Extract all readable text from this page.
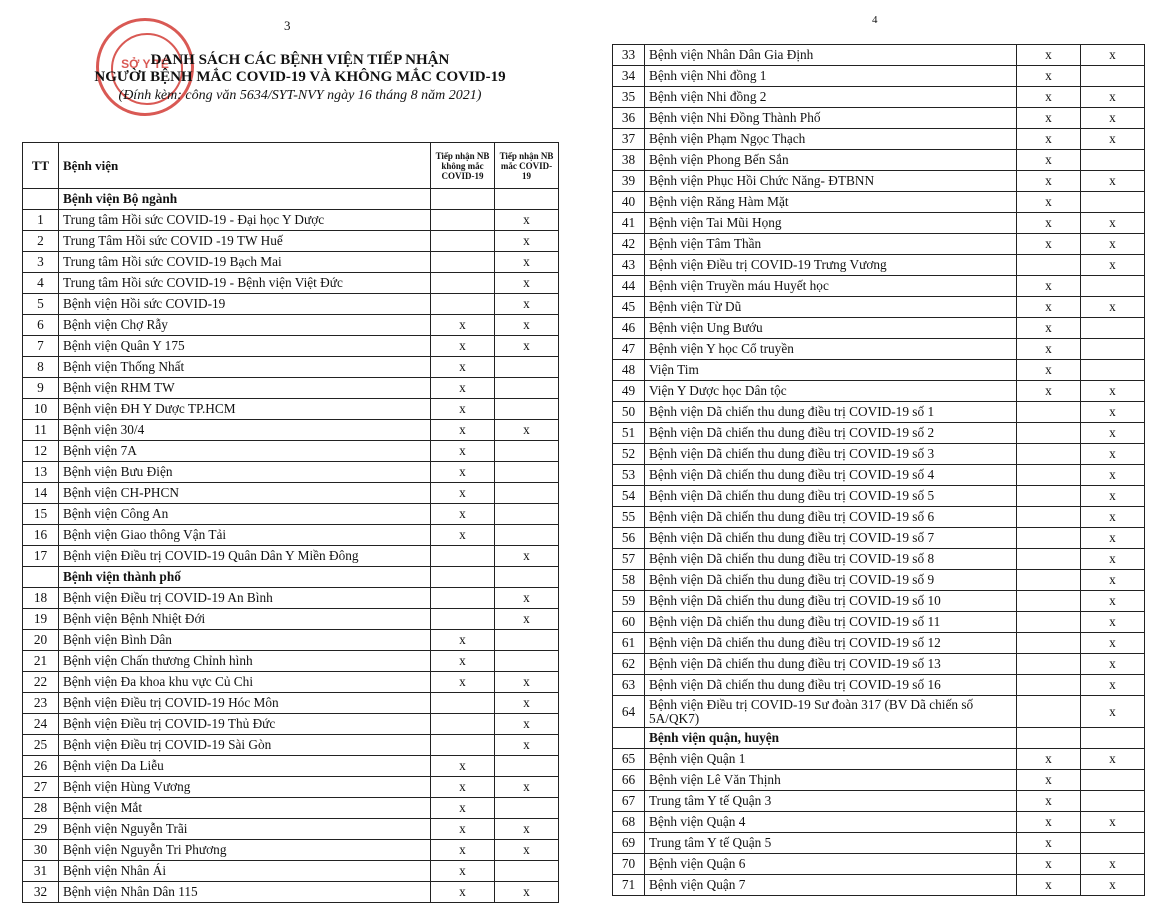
3	4
SỞ Y TẾ
DANH SÁCH CÁC BỆNH VIỆN TIẾP NHẬN
NGƯỜI BỆNH MẮC COVID-19 VÀ KHÔNG MẮC COVID-19
(Đính kèm: công văn 5634/SYT-NVY ngày 16 tháng 8 năm 2021)
TT	Bệnh viện	Tiếp nhận NB không mắc COVID-19	Tiếp nhận NB mắc COVID-19
	Bệnh viện Bộ ngành		
1	Trung tâm Hồi sức COVID-19 - Đại học Y Dược		x
2	Trung Tâm Hồi sức COVID -19 TW Huế		x
3	Trung tâm Hồi sức COVID-19 Bạch Mai		x
4	Trung tâm Hồi sức COVID-19 - Bệnh viện Việt Đức		x
5	Bệnh viện Hồi sức COVID-19		x
6	Bệnh viện Chợ Rẫy	x	x
7	Bệnh viện Quân Y 175	x	x
8	Bệnh viện Thống Nhất	x	
9	Bệnh viện RHM TW	x	
10	Bệnh viện ĐH Y Dược TP.HCM	x	
11	Bệnh viện 30/4	x	x
12	Bệnh viện 7A	x	
13	Bệnh viện Bưu Điện	x	
14	Bệnh viện CH-PHCN	x	
15	Bệnh viện Công An	x	
16	Bệnh viện Giao thông Vận Tải	x	
17	Bệnh viện Điều trị COVID-19 Quân Dân Y Miền Đông		x
	Bệnh viện thành phố		
18	Bệnh viện Điều trị COVID-19 An Bình		x
19	Bệnh viện Bệnh Nhiệt Đới		x
20	Bệnh viện Bình Dân	x	
21	Bệnh viện Chấn thương Chỉnh hình	x	
22	Bệnh viện Đa khoa khu vực Củ Chi	x	x
23	Bệnh viện Điều trị COVID-19 Hóc Môn		x
24	Bệnh viện Điều trị COVID-19 Thủ Đức		x
25	Bệnh viện Điều trị COVID-19 Sài Gòn		x
26	Bệnh viện Da Liễu	x	
27	Bệnh viện Hùng Vương	x	x
28	Bệnh viện Mắt	x	
29	Bệnh viện Nguyễn Trãi	x	x
30	Bệnh viện Nguyễn Tri Phương	x	x
31	Bệnh viện Nhân Ái	x	
32	Bệnh viện Nhân Dân 115	x	x
33	Bệnh viện Nhân Dân Gia Định	x	x
34	Bệnh viện Nhi đồng 1	x	
35	Bệnh viện Nhi đồng 2	x	x
36	Bệnh viện Nhi Đồng Thành Phố	x	x
37	Bệnh viện Phạm Ngọc Thạch	x	x
38	Bệnh viện Phong Bến Sắn	x	
39	Bệnh viện Phục Hồi Chức Năng- ĐTBNN	x	x
40	Bệnh viện Răng Hàm Mặt	x	
41	Bệnh viện Tai Mũi Họng	x	x
42	Bệnh viện Tâm Thần	x	x
43	Bệnh viện Điều trị COVID-19 Trưng Vương		x
44	Bệnh viện Truyền máu Huyết học	x	
45	Bệnh viện Từ Dũ	x	x
46	Bệnh viện Ung Bướu	x	
47	Bệnh viện Y học Cổ truyền	x	
48	Viện Tim	x	
49	Viện Y Dược học Dân tộc	x	x
50	Bệnh viện Dã chiến thu dung điều trị COVID-19 số 1		x
51	Bệnh viện Dã chiến thu dung điều trị COVID-19 số 2		x
52	Bệnh viện Dã chiến thu dung điều trị COVID-19 số 3		x
53	Bệnh viện Dã chiến thu dung điều trị COVID-19 số 4		x
54	Bệnh viện Dã chiến thu dung điều trị COVID-19 số 5		x
55	Bệnh viện Dã chiến thu dung điều trị COVID-19 số 6		x
56	Bệnh viện Dã chiến thu dung điều trị COVID-19 số 7		x
57	Bệnh viện Dã chiến thu dung điều trị COVID-19 số 8		x
58	Bệnh viện Dã chiến thu dung điều trị COVID-19 số 9		x
59	Bệnh viện Dã chiến thu dung điều trị COVID-19 số 10		x
60	Bệnh viện Dã chiến thu dung điều trị COVID-19 số 11		x
61	Bệnh viện Dã chiến thu dung điều trị COVID-19 số 12		x
62	Bệnh viện Dã chiến thu dung điều trị COVID-19 số 13		x
63	Bệnh viện Dã chiến thu dung điều trị COVID-19 số 16		x
64	Bệnh viện Điều trị COVID-19 Sư đoàn 317 (BV Dã chiến số 5A/QK7)		x
	Bệnh viện quận, huyện		
65	Bệnh viện Quận 1	x	x
66	Bệnh viện Lê Văn Thịnh	x	
67	Trung tâm Y tế Quận 3	x	
68	Bệnh viện Quận 4	x	x
69	Trung tâm Y tế Quận 5	x	
70	Bệnh viện Quận 6	x	x
71	Bệnh viện Quận 7	x	x
